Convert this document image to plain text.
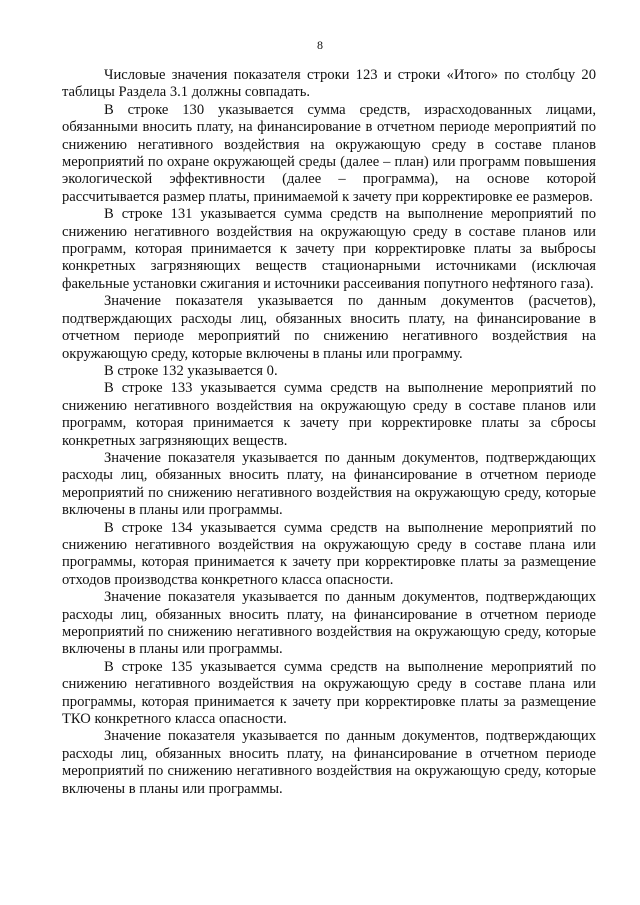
8

Числовые значения показателя строки 123 и строки «Итого» по столбцу 20 таблицы Раздела 3.1 должны совпадать.

В строке 130 указывается сумма средств, израсходованных лицами, обязанными вносить плату, на финансирование в отчетном периоде мероприятий по снижению негативного воздействия на окружающую среду в составе планов мероприятий по охране окружающей среды (далее – план) или программ повышения экологической эффективности (далее – программа), на основе которой рассчитывается размер платы, принимаемой к зачету при корректировке ее размеров.

В строке 131 указывается сумма средств на выполнение мероприятий по снижению негативного воздействия на окружающую среду в составе планов или программ, которая принимается к зачету при корректировке платы за выбросы конкретных загрязняющих веществ стационарными источниками (исключая факельные установки сжигания и источники рассеивания попутного нефтяного газа).

Значение показателя указывается по данным документов (расчетов), подтверждающих расходы лиц, обязанных вносить плату, на финансирование в отчетном периоде мероприятий по снижению негативного воздействия на окружающую среду, которые включены в планы или программу.

В строке 132 указывается 0.

В строке 133 указывается сумма средств на выполнение мероприятий по снижению негативного воздействия на окружающую среду в составе планов или программ, которая принимается к зачету при корректировке платы за сбросы конкретных загрязняющих веществ.

Значение показателя указывается по данным документов, подтверждающих расходы лиц, обязанных вносить плату, на финансирование в отчетном периоде мероприятий по снижению негативного воздействия на окружающую среду, которые включены в планы или программы.

В строке 134 указывается сумма средств на выполнение мероприятий по снижению негативного воздействия на окружающую среду в составе плана или программы, которая принимается к зачету при корректировке платы за размещение отходов производства конкретного класса опасности.

Значение показателя указывается по данным документов, подтверждающих расходы лиц, обязанных вносить плату, на финансирование в отчетном периоде мероприятий по снижению негативного воздействия на окружающую среду, которые включены в планы или программы.

В строке 135 указывается сумма средств на выполнение мероприятий по снижению негативного воздействия на окружающую среду в составе плана или программы, которая принимается к зачету при корректировке платы за размещение ТКО конкретного класса опасности.

Значение показателя указывается по данным документов, подтверждающих расходы лиц, обязанных вносить плату, на финансирование в отчетном периоде мероприятий по снижению негативного воздействия на окружающую среду, которые включены в планы или программы.
